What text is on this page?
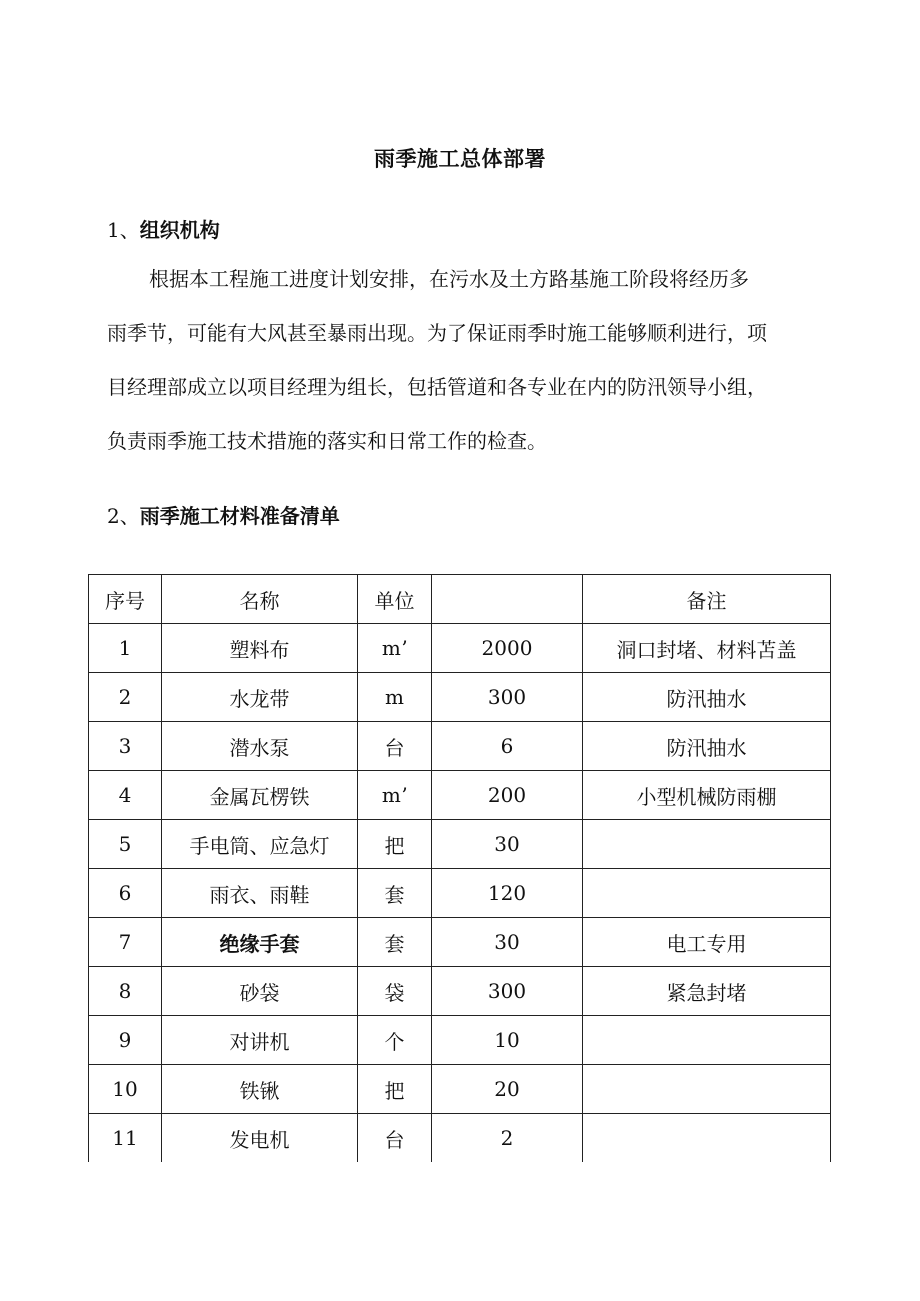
雨季施工总体部署
1、组织机构
根据本工程施工进度计划安排，在污水及土方路基施工阶段将经历多
雨季节，可能有大风甚至暴雨出现。为了保证雨季时施工能够顺利进行，项
目经理部成立以项目经理为组长，包括管道和各专业在内的防汛领导小组，
负责雨季施工技术措施的落实和日常工作的检查。
2、雨季施工材料准备清单
序号	名称	单位		备注
1	塑料布	mʼ	2000	洞口封堵、材料苫盖
2	水龙带	m	300	防汛抽水
3	潜水泵	台	6	防汛抽水
4	金属瓦楞铁	mʼ	200	小型机械防雨棚
5	手电筒、应急灯	把	30	
6	雨衣、雨鞋	套	120	
7	绝缘手套	套	30	电工专用
8	砂袋	袋	300	紧急封堵
9	对讲机	个	10	
10	铁锹	把	20	
11	发电机	台	2	
